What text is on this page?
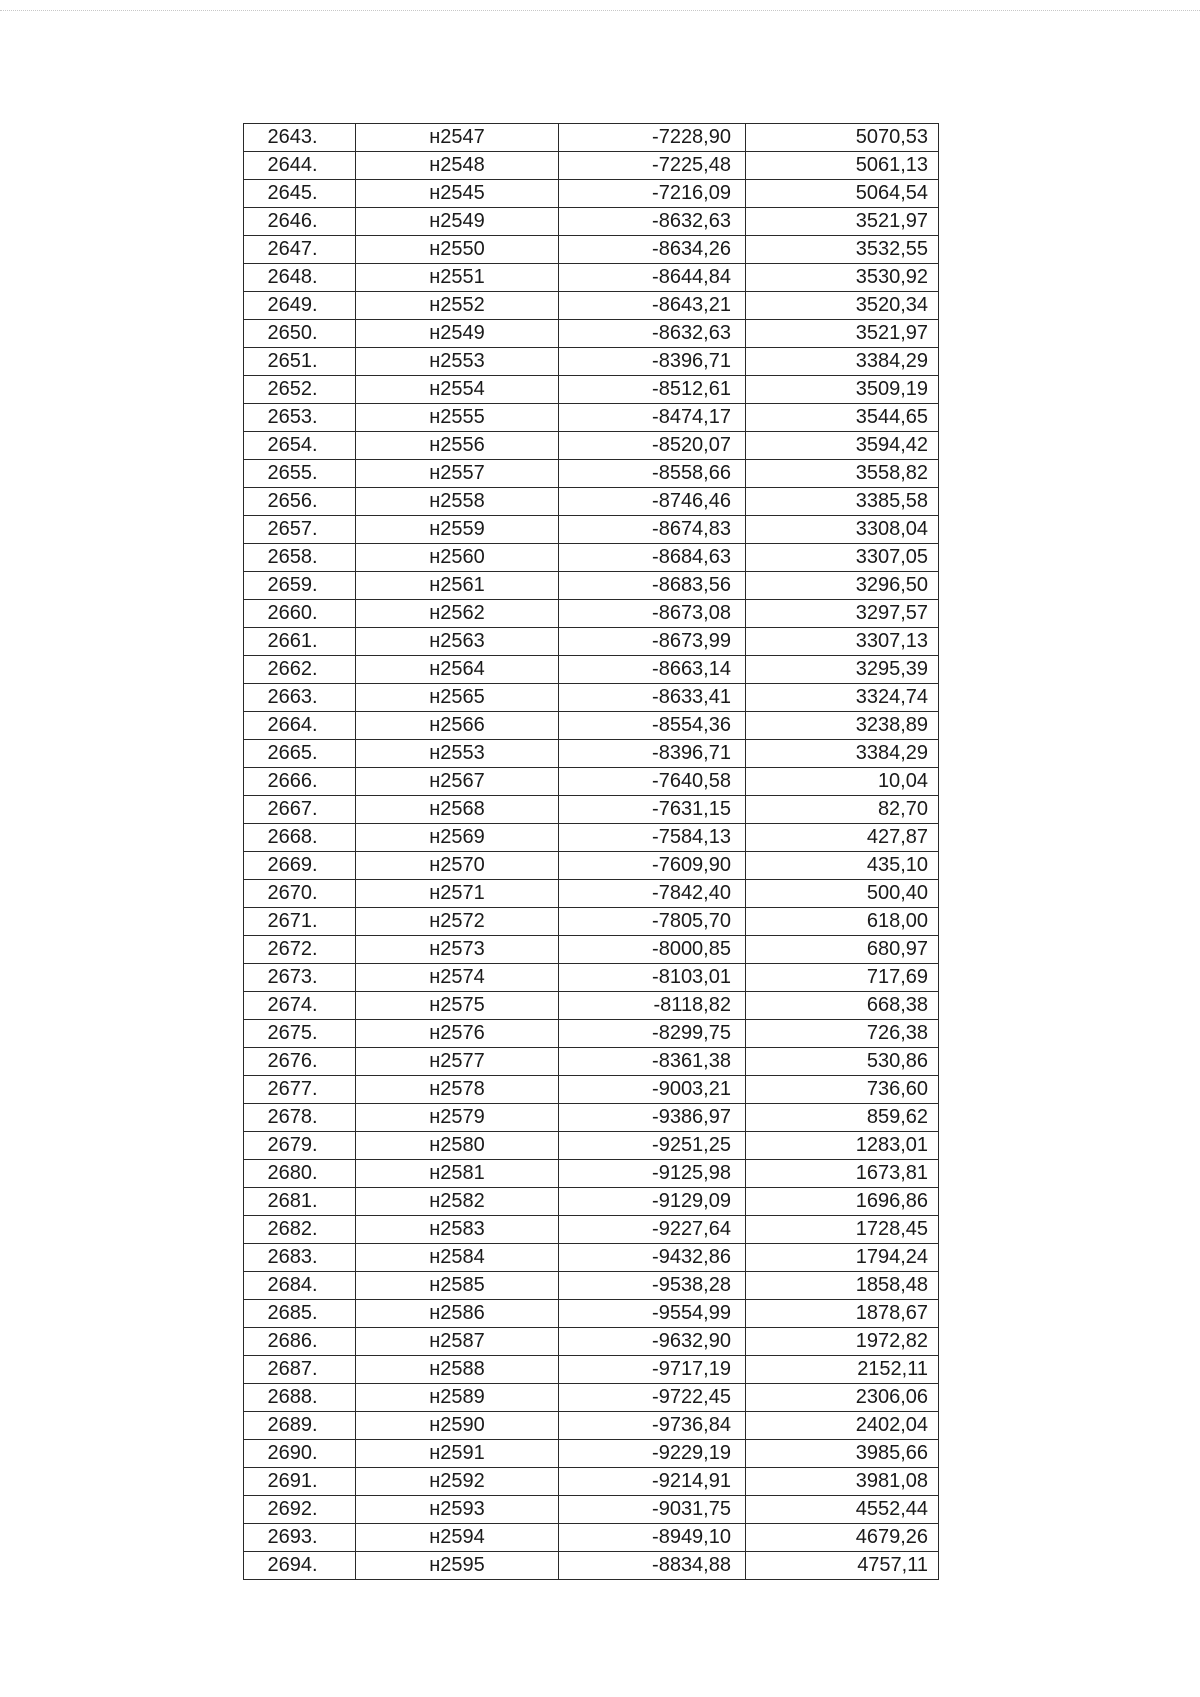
2643.	н2547	-7228,90	5070,53
2644.	н2548	-7225,48	5061,13
2645.	н2545	-7216,09	5064,54
2646.	н2549	-8632,63	3521,97
2647.	н2550	-8634,26	3532,55
2648.	н2551	-8644,84	3530,92
2649.	н2552	-8643,21	3520,34
2650.	н2549	-8632,63	3521,97
2651.	н2553	-8396,71	3384,29
2652.	н2554	-8512,61	3509,19
2653.	н2555	-8474,17	3544,65
2654.	н2556	-8520,07	3594,42
2655.	н2557	-8558,66	3558,82
2656.	н2558	-8746,46	3385,58
2657.	н2559	-8674,83	3308,04
2658.	н2560	-8684,63	3307,05
2659.	н2561	-8683,56	3296,50
2660.	н2562	-8673,08	3297,57
2661.	н2563	-8673,99	3307,13
2662.	н2564	-8663,14	3295,39
2663.	н2565	-8633,41	3324,74
2664.	н2566	-8554,36	3238,89
2665.	н2553	-8396,71	3384,29
2666.	н2567	-7640,58	10,04
2667.	н2568	-7631,15	82,70
2668.	н2569	-7584,13	427,87
2669.	н2570	-7609,90	435,10
2670.	н2571	-7842,40	500,40
2671.	н2572	-7805,70	618,00
2672.	н2573	-8000,85	680,97
2673.	н2574	-8103,01	717,69
2674.	н2575	-8118,82	668,38
2675.	н2576	-8299,75	726,38
2676.	н2577	-8361,38	530,86
2677.	н2578	-9003,21	736,60
2678.	н2579	-9386,97	859,62
2679.	н2580	-9251,25	1283,01
2680.	н2581	-9125,98	1673,81
2681.	н2582	-9129,09	1696,86
2682.	н2583	-9227,64	1728,45
2683.	н2584	-9432,86	1794,24
2684.	н2585	-9538,28	1858,48
2685.	н2586	-9554,99	1878,67
2686.	н2587	-9632,90	1972,82
2687.	н2588	-9717,19	2152,11
2688.	н2589	-9722,45	2306,06
2689.	н2590	-9736,84	2402,04
2690.	н2591	-9229,19	3985,66
2691.	н2592	-9214,91	3981,08
2692.	н2593	-9031,75	4552,44
2693.	н2594	-8949,10	4679,26
2694.	н2595	-8834,88	4757,11
